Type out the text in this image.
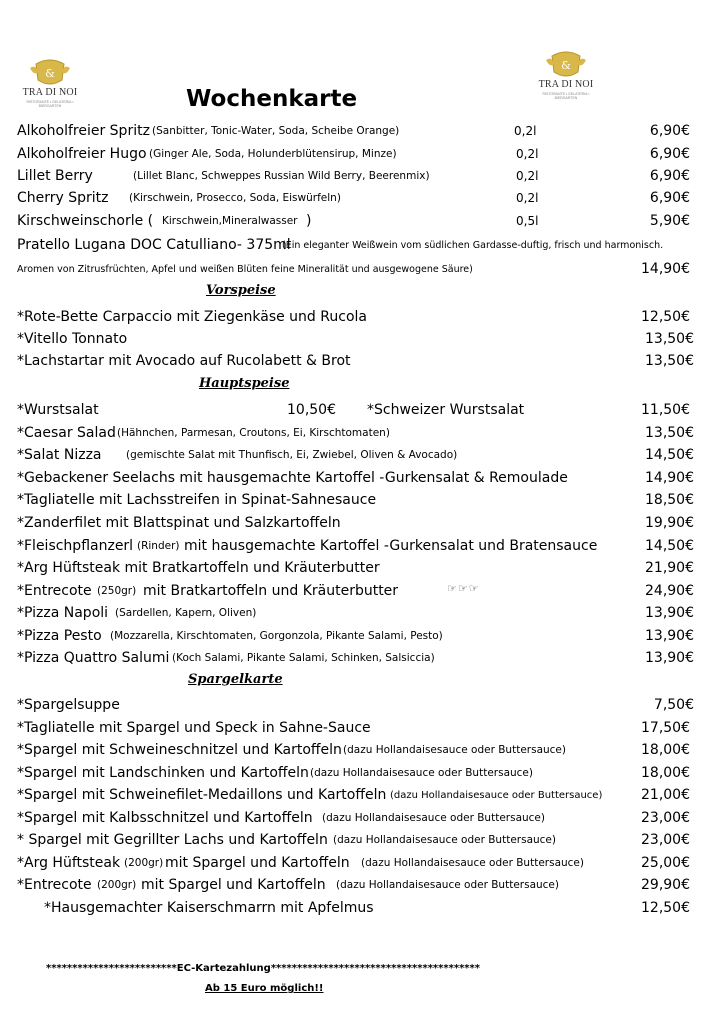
&
TRA DI NOI
RISTORANTE • GELATERIA • BIERGARTEN
&
TRA DI NOI
RISTORANTE • GELATERIA • BIERGARTEN
Wochenkarte
Alkoholfreier Spritz (Sanbitter, Tonic-Water, Soda, Scheibe Orange)	0,2l	6,90€
Alkoholfreier Hugo (Ginger Ale, Soda, Holunderblütensirup, Minze)	0,2l	6,90€
Lillet Berry	(Lillet Blanc, Schweppes Russian Wild Berry, Beerenmix)	0,2l	6,90€
Cherry Spritz (Kirschwein, Prosecco, Soda, Eiswürfeln)	0,2l	6,90€
Kirschweinschorle ( Kirschwein,Mineralwasser )	0,5l	5,90€
Pratello Lugana DOC Catulliano- 375ml
(Ein eleganter Weißwein vom südlichen Gardasse-duftig, frisch und harmonisch.
Aromen von Zitrusfrüchten, Apfel und weißen Blüten feine Mineralität und ausgewogene Säure)	14,90€
Vorspeise
*Rote-Bette Carpaccio mit Ziegenkäse und Rucola	12,50€
*Vitello Tonnato	13,50€
*Lachstartar mit Avocado auf Rucolabett & Brot	13,50€
Hauptspeise
*Wurstsalat	10,50€ *Schweizer Wurstsalat	11,50€
*Caesar Salad (Hähnchen, Parmesan, Croutons, Ei, Kirschtomaten)	13,50€
*Salat Nizza (gemischte Salat mit Thunfisch, Ei, Zwiebel, Oliven & Avocado)	14,50€
*Gebackener Seelachs mit hausgemachte Kartoffel -Gurkensalat & Remoulade	14,90€
*Tagliatelle mit Lachsstreifen in Spinat-Sahnesauce	18,50€
*Zanderfilet mit Blattspinat und Salzkartoffeln	19,90€
*Fleischpflanzerl (Rinder) mit hausgemachte Kartoffel -Gurkensalat und Bratensauce	14,50€
*Arg Hüftsteak mit Bratkartoffeln und Kräuterbutter	21,90€
*Entrecote (250gr) mit Bratkartoffeln und Kräuterbutter	24,90€
*Pizza Napoli (Sardellen, Kapern, Oliven)	13,90€
*Pizza Pesto (Mozzarella, Kirschtomaten, Gorgonzola, Pikante Salami, Pesto)	13,90€
*Pizza Quattro Salumi (Koch Salami, Pikante Salami, Schinken, Salsiccia)	13,90€
Spargelkarte
*Spargelsuppe	7,50€
*Tagliatelle mit Spargel und Speck in Sahne-Sauce	17,50€
*Spargel mit Schweineschnitzel und Kartoffeln (dazu Hollandaisesauce oder Buttersauce)	18,00€
*Spargel mit Landschinken und Kartoffeln (dazu Hollandaisesauce oder Buttersauce)	18,00€
*Spargel mit Schweinefilet-Medaillons und Kartoffeln (dazu Hollandaisesauce oder Buttersauce)	21,00€
*Spargel mit Kalbsschnitzel und Kartoffeln (dazu Hollandaisesauce oder Buttersauce)	23,00€
* Spargel mit Gegrillter Lachs und Kartoffeln (dazu Hollandaisesauce oder Buttersauce)	23,00€
*Arg Hüftsteak (200gr) mit Spargel und Kartoffeln (dazu Hollandaisesauce oder Buttersauce)	25,00€
*Entrecote (200gr) mit Spargel und Kartoffeln (dazu Hollandaisesauce oder Buttersauce)	29,90€
*Hausgemachter Kaiserschmarrn mit Apfelmus	12,50€
☞☞☞
*************************EC-Kartezahlung****************************************
Ab 15 Euro möglich!!
